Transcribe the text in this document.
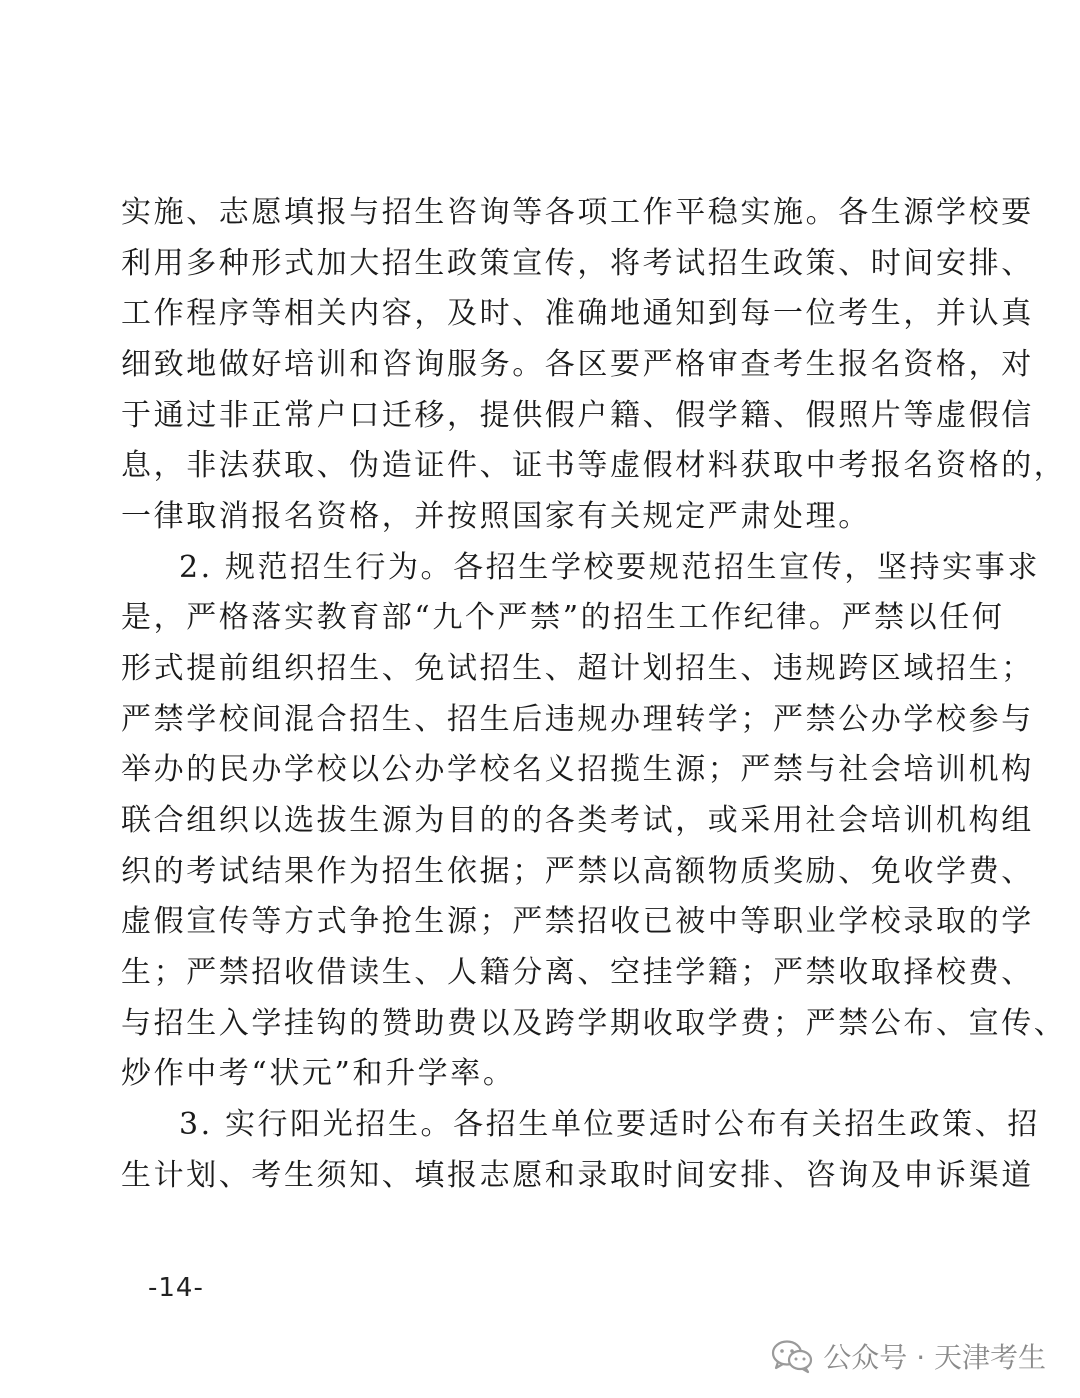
实施、志愿填报与招生咨询等各项工作平稳实施。各生源学校要
利用多种形式加大招生政策宣传，将考试招生政策、时间安排、
工作程序等相关内容，及时、准确地通知到每一位考生，并认真
细致地做好培训和咨询服务。各区要严格审查考生报名资格，对
于通过非正常户口迁移，提供假户籍、假学籍、假照片等虚假信
息，非法获取、伪造证件、证书等虚假材料获取中考报名资格的，
一律取消报名资格，并按照国家有关规定严肃处理。
2. 规范招生行为。各招生学校要规范招生宣传，坚持实事求
是，严格落实教育部“九个严禁”的招生工作纪律。严禁以任何
形式提前组织招生、免试招生、超计划招生、违规跨区域招生；
严禁学校间混合招生、招生后违规办理转学；严禁公办学校参与
举办的民办学校以公办学校名义招揽生源；严禁与社会培训机构
联合组织以选拔生源为目的的各类考试，或采用社会培训机构组
织的考试结果作为招生依据；严禁以高额物质奖励、免收学费、
虚假宣传等方式争抢生源；严禁招收已被中等职业学校录取的学
生；严禁招收借读生、人籍分离、空挂学籍；严禁收取择校费、
与招生入学挂钩的赞助费以及跨学期收取学费；严禁公布、宣传、
炒作中考“状元”和升学率。
3. 实行阳光招生。各招生单位要适时公布有关招生政策、招
生计划、考生须知、填报志愿和录取时间安排、咨询及申诉渠道
-14-
公众号 · 天津考生
